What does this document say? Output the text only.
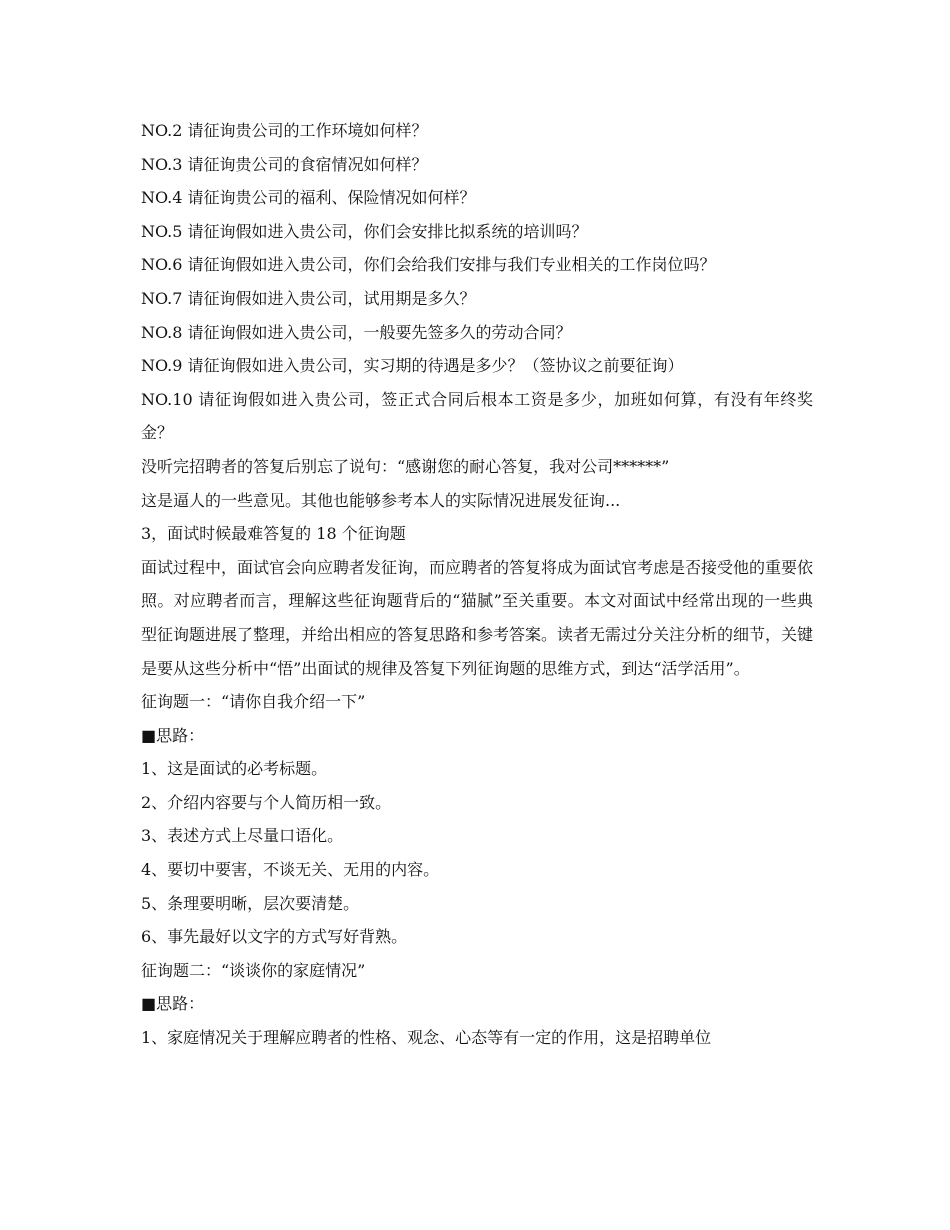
NO.2 请征询贵公司的工作环境如何样？
NO.3 请征询贵公司的食宿情况如何样？
NO.4 请征询贵公司的福利、保险情况如何样？
NO.5 请征询假如进入贵公司，你们会安排比拟系统的培训吗？
NO.6 请征询假如进入贵公司，你们会给我们安排与我们专业相关的工作岗位吗？
NO.7 请征询假如进入贵公司，试用期是多久？
NO.8 请征询假如进入贵公司，一般要先签多久的劳动合同？
NO.9 请征询假如进入贵公司，实习期的待遇是多少？（签协议之前要征询）
NO.10 请征询假如进入贵公司，签正式合同后根本工资是多少，加班如何算，有没有年终奖金？
没听完招聘者的答复后别忘了说句：“感谢您的耐心答复，我对公司******”
这是逼人的一些意见。其他也能够参考本人的实际情况进展发征询...
3，面试时候最难答复的 18 个征询题
面试过程中，面试官会向应聘者发征询，而应聘者的答复将成为面试官考虑是否接受他的重要依照。对应聘者而言，理解这些征询题背后的“猫腻”至关重要。本文对面试中经常出现的一些典型征询题进展了整理，并给出相应的答复思路和参考答案。读者无需过分关注分析的细节，关键是要从这些分析中“悟”出面试的规律及答复下列征询题的思维方式，到达“活学活用”。
征询题一：“请你自我介绍一下”
■思路：
1、这是面试的必考标题。
2、介绍内容要与个人简历相一致。
3、表述方式上尽量口语化。
4、要切中要害，不谈无关、无用的内容。
5、条理要明晰，层次要清楚。
6、事先最好以文字的方式写好背熟。
征询题二：“谈谈你的家庭情况”
■思路：
1、家庭情况关于理解应聘者的性格、观念、心态等有一定的作用，这是招聘单位
